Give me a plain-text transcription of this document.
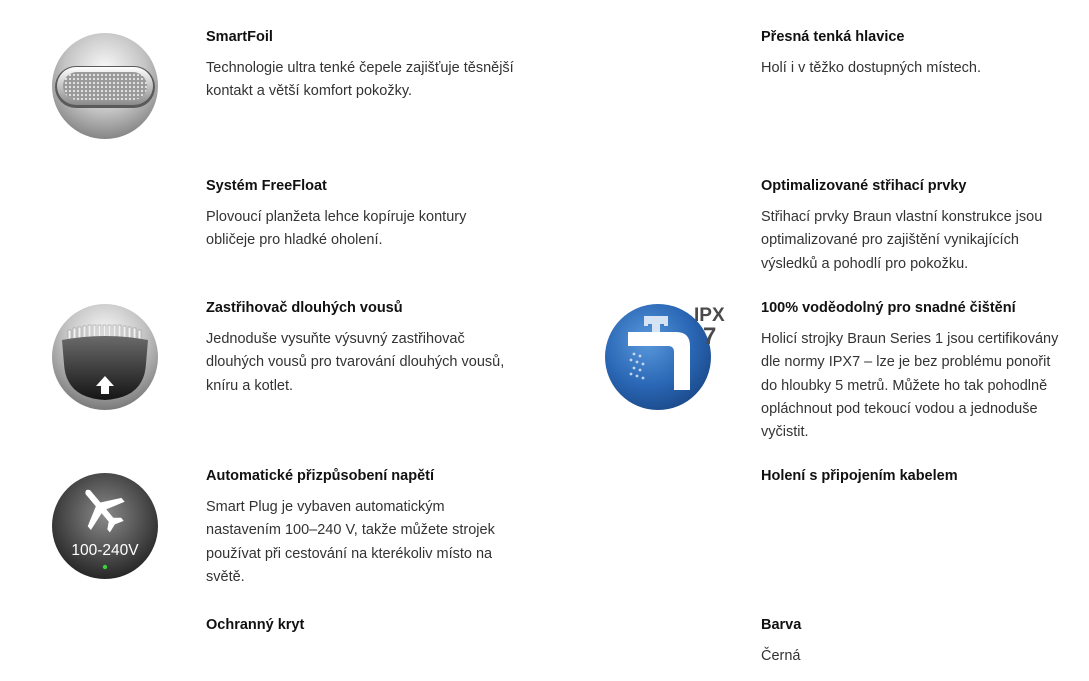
SmartFoil
Technologie ultra tenké čepele zajišťuje těsnější
kontakt a větší komfort pokožky.
Přesná tenká hlavice
Holí i v těžko dostupných místech.
Systém FreeFloat
Plovoucí planžeta lehce kopíruje kontury
obličeje pro hladké oholení.
Optimalizované střihací prvky
Střihací prvky Braun vlastní konstrukce jsou
optimalizované pro zajištění vynikajících
výsledků a pohodlí pro pokožku.
Zastřihovač dlouhých vousů
Jednoduše vysuňte výsuvný zastřihovač
dlouhých vousů pro tvarování dlouhých vousů,
kníru a kotlet.
IPX
7
100% voděodolný pro snadné čištění
Holicí strojky Braun Series 1 jsou certifikovány
dle normy IPX7 – lze je bez problému ponořit
do hloubky 5 metrů. Můžete ho tak pohodlně
opláchnout pod tekoucí vodou a jednoduše
vyčistit.
100-240V
Automatické přizpůsobení napětí
Smart Plug je vybaven automatickým
nastavením 100–240 V, takže můžete strojek
používat při cestování na kterékoliv místo na
světě.
Holení s připojením kabelem
Ochranný kryt	Barva
Černá
